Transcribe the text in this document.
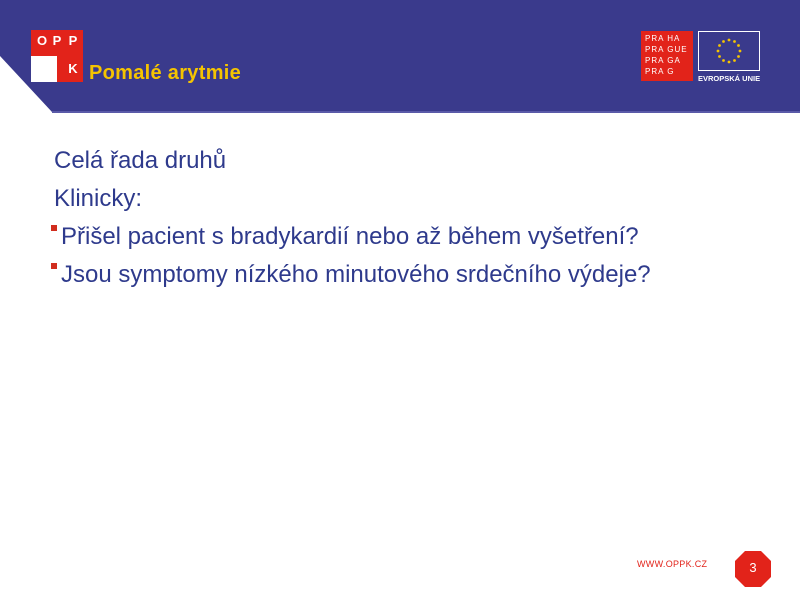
O P P
K Pomalé arytmie
PRA HA
PRA GUE
PRA GA
PRA G
EVROPSKÁ UNIE
Celá řada druhů
Klinicky:
Přišel pacient s bradykardií nebo až během vyšetření?
Jsou symptomy nízkého minutového srdečního výdeje?
WWW.OPPK.CZ	3
